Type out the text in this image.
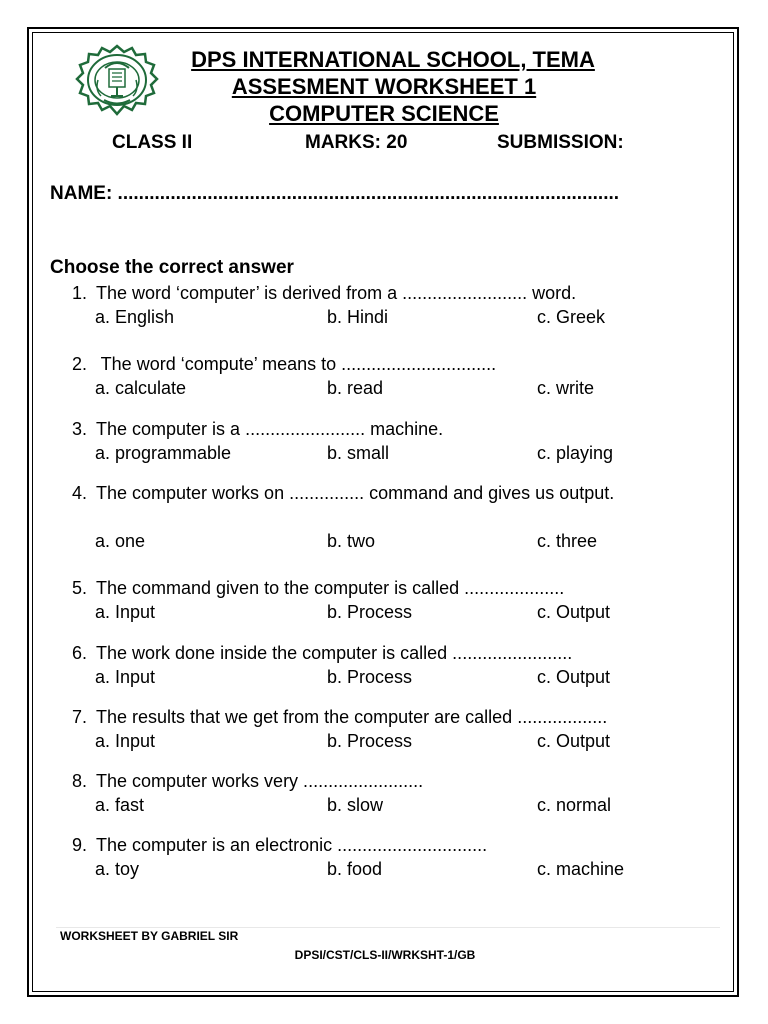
DPS INTERNATIONAL SCHOOL, TEMA
ASSESMENT WORKSHEET 1
COMPUTER SCIENCE
CLASS II	MARKS: 20	SUBMISSION:
NAME: ...............................................................................................
Choose the correct answer
1. The word ‘computer’ is derived from a ......................... word.
a. English	b. Hindi	c. Greek
2. The word ‘compute’ means to ...............................
a. calculate	b. read	c. write
3. The computer is a ........................ machine.
a. programmable	b. small	c. playing
4. The computer works on ............... command and gives us output.
a. one	b. two	c. three
5. The command given to the computer is called ....................
a. Input	b. Process	c. Output
6. The work done inside the computer is called ........................
a. Input	b. Process	c. Output
7. The results that we get from the computer are called ..................
a. Input	b. Process	c. Output
8. The computer works very ........................
a. fast	b. slow	c. normal
9. The computer is an electronic ..............................
a. toy	b. food	c. machine
WORKSHEET BY GABRIEL SIR
DPSI/CST/CLS-II/WRKSHT-1/GB
